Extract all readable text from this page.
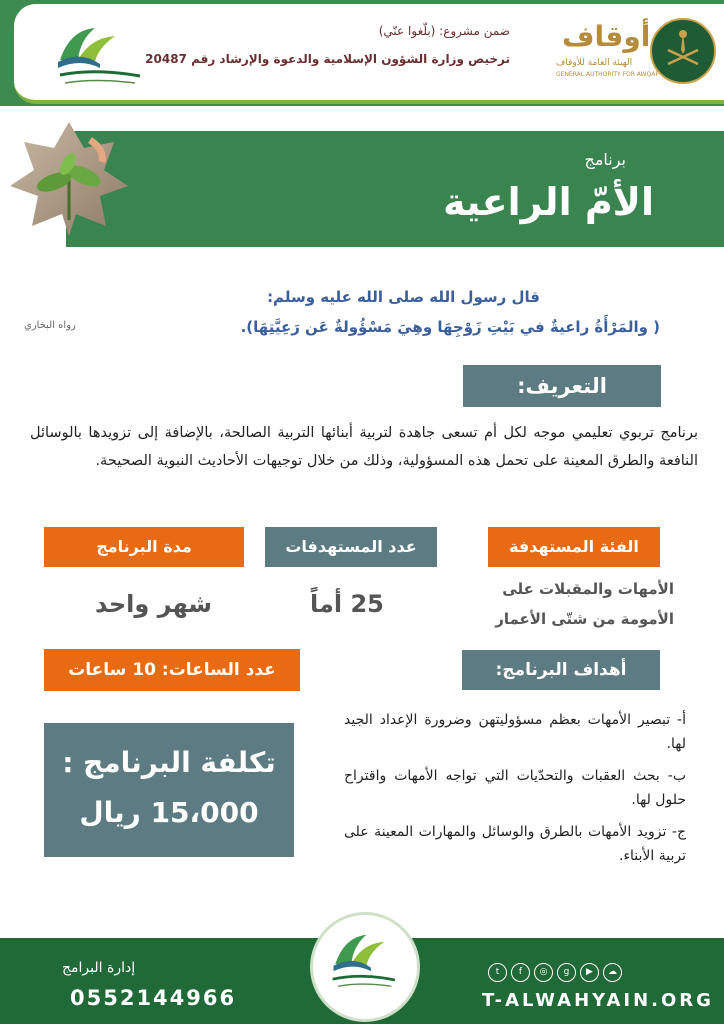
ضمن مشروع: (بلّغوا عنّي)
ترخيص وزارة الشؤون الإسلامية والدعوة والإرشاد رقم 20487
أوقاف
الهيئة العامة للأوقاف
GENERAL AUTHORITY FOR AWQAF
برنامج
الأمّ الراعية
قال رسول الله صلى الله عليه وسلم:
( والمَرْأَةُ راعيةٌ في بَيْتِ زَوْجِهَا وهِيَ مَسْؤُولةٌ عَن رَعِيَّتِهَا).
رواه البخاري
التعريف:
برنامج تربوي تعليمي موجه لكل أم تسعى جاهدة لتربية أبنائها التربية الصالحة، بالإضافة إلى تزويدها بالوسائل النافعة والطرق المعينة على تحمل هذه المسؤولية، وذلك من خلال توجيهات الأحاديث النبوية الصحيحة.
الفئة المستهدفة
عدد المستهدفات
مدة البرنامج
الأمهات والمقبلات على
الأمومة من شتّى الأعمار
25 أماً
شهر واحد
عدد الساعات: 10 ساعات	أهداف البرنامج:
أ- تبصير الأمهات بعظم مسؤوليتهن وضرورة الإعداد الجيد لها.
ب- بحث العقبات والتحدّيات التي تواجه الأمهات واقتراح حلول لها.
ج- تزويد الأمهات بالطرق والوسائل والمهارات المعينة على تربية الأبناء.
تكلفة البرنامج :
15،000 ريال
إدارة البرامج
0552144966
t f ◎ g ▶ ☁
T-ALWAHYAIN.ORG
